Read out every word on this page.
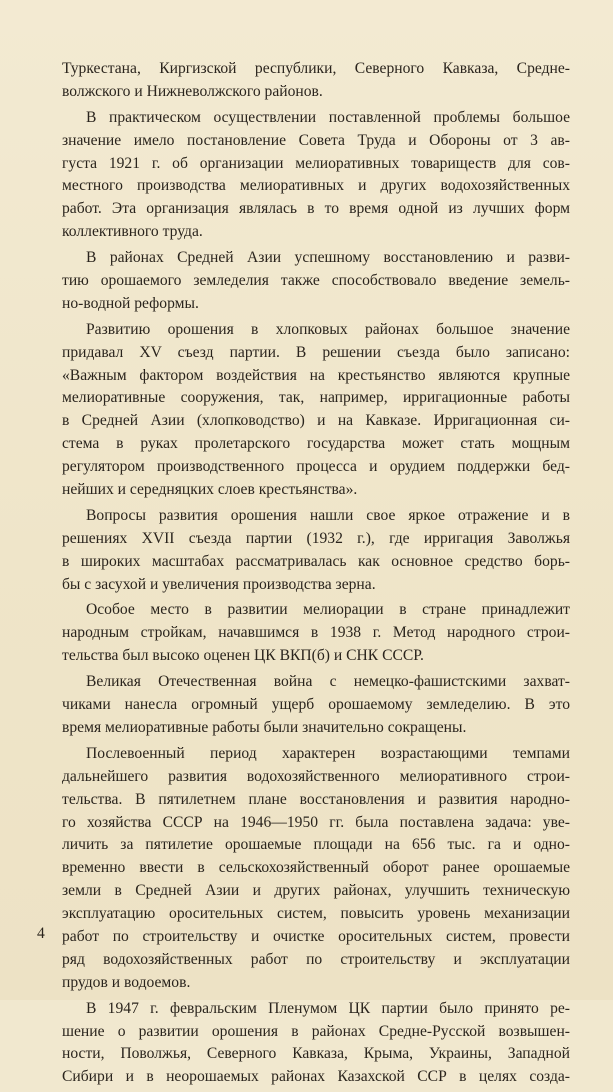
Туркестана, Киргизской республики, Северного Кавказа, Средне-
волжского и Нижневолжского районов.
В практическом осуществлении поставленной проблемы большое
значение имело постановление Совета Труда и Обороны от 3 ав-
густа 1921 г. об организации мелиоративных товариществ для сов-
местного производства мелиоративных и других водохозяйственных
работ. Эта организация являлась в то время одной из лучших форм
коллективного труда.
В районах Средней Азии успешному восстановлению и разви-
тию орошаемого земледелия также способствовало введение земель-
но-водной реформы.
Развитию орошения в хлопковых районах большое значение
придавал XV съезд партии. В решении съезда было записано:
«Важным фактором воздействия на крестьянство являются крупные
мелиоративные сооружения, так, например, ирригационные работы
в Средней Азии (хлопководство) и на Кавказе. Ирригационная си-
стема в руках пролетарского государства может стать мощным
регулятором производственного процесса и орудием поддержки бед-
нейших и середняцких слоев крестьянства».
Вопросы развития орошения нашли свое яркое отражение и в
решениях XVII съезда партии (1932 г.), где ирригация Заволжья
в широких масштабах рассматривалась как основное средство борь-
бы с засухой и увеличения производства зерна.
Особое место в развитии мелиорации в стране принадлежит
народным стройкам, начавшимся в 1938 г. Метод народного строи-
тельства был высоко оценен ЦК ВКП(б) и СНК СССР.
Великая Отечественная война с немецко-фашистскими захват-
чиками нанесла огромный ущерб орошаемому земледелию. В это
время мелиоративные работы были значительно сокращены.
Послевоенный период характерен возрастающими темпами
дальнейшего развития водохозяйственного мелиоративного строи-
тельства. В пятилетнем плане восстановления и развития народно-
го хозяйства СССР на 1946—1950 гг. была поставлена задача: уве-
личить за пятилетие орошаемые площади на 656 тыс. га и одно-
временно ввести в сельскохозяйственный оборот ранее орошаемые
земли в Средней Азии и других районах, улучшить техническую
эксплуатацию оросительных систем, повысить уровень механизации
работ по строительству и очистке оросительных систем, провести
ряд водохозяйственных работ по строительству и эксплуатации
прудов и водоемов.
В 1947 г. февральским Пленумом ЦК партии было принято ре-
шение о развитии орошения в районах Средне-Русской возвышен-
ности, Поволжья, Северного Кавказа, Крыма, Украины, Западной
Сибири и в неорошаемых районах Казахской ССР в целях созда-
4
